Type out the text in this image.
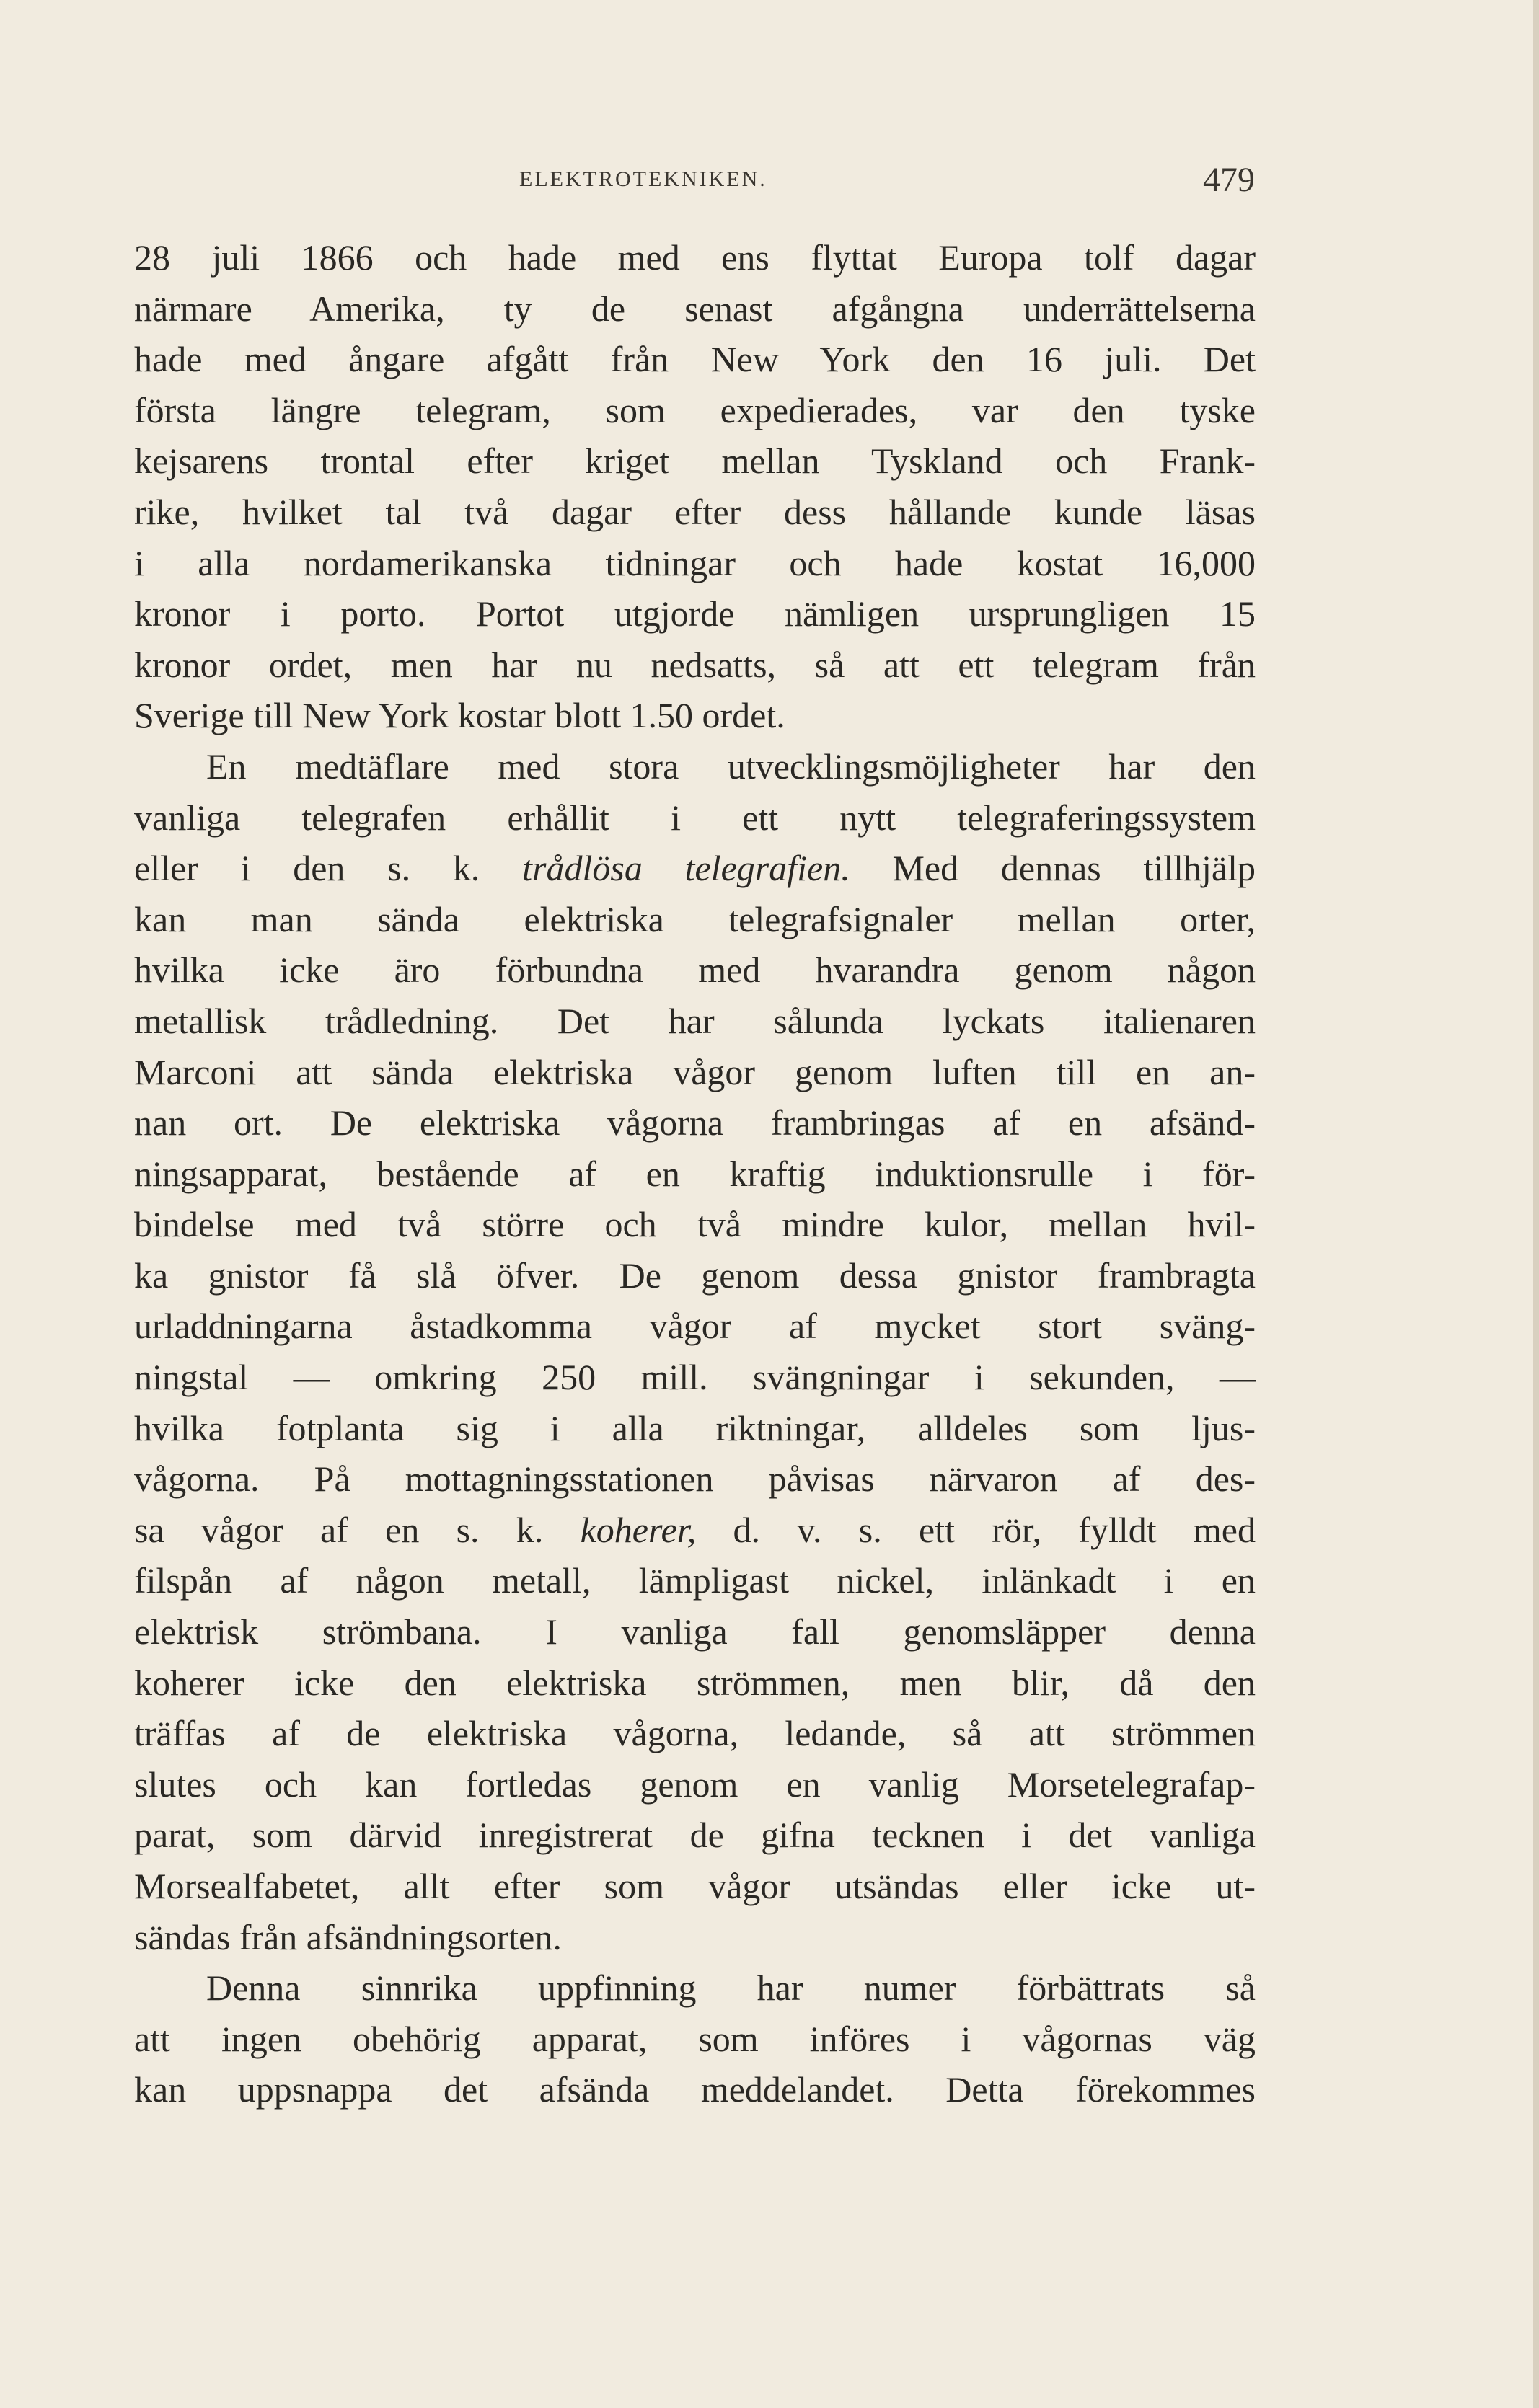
ELEKTROTEKNIKEN.	479
28 juli 1866 och hade med ens flyttat Europa tolf dagar
närmare Amerika, ty de senast afgångna underrättelserna
hade med ångare afgått från New York den 16 juli. Det
första längre telegram, som expedierades, var den tyske
kejsarens trontal efter kriget mellan Tyskland och Frank-
rike, hvilket tal två dagar efter dess hållande kunde läsas
i alla nordamerikanska tidningar och hade kostat 16,000
kronor i porto. Portot utgjorde nämligen ursprungligen 15
kronor ordet, men har nu nedsatts, så att ett telegram från
Sverige till New York kostar blott 1.50 ordet.
En medtäflare med stora utvecklingsmöjligheter har den
vanliga telegrafen erhållit i ett nytt telegraferingssystem
eller i den s. k. trådlösa telegrafien. Med dennas tillhjälp
kan man sända elektriska telegrafsignaler mellan orter,
hvilka icke äro förbundna med hvarandra genom någon
metallisk trådledning. Det har sålunda lyckats italienaren
Marconi att sända elektriska vågor genom luften till en an-
nan ort. De elektriska vågorna frambringas af en afsänd-
ningsapparat, bestående af en kraftig induktionsrulle i för-
bindelse med två större och två mindre kulor, mellan hvil-
ka gnistor få slå öfver. De genom dessa gnistor frambragta
urladdningarna åstadkomma vågor af mycket stort sväng-
ningstal — omkring 250 mill. svängningar i sekunden, —
hvilka fotplanta sig i alla riktningar, alldeles som ljus-
vågorna. På mottagningsstationen påvisas närvaron af des-
sa vågor af en s. k. koherer, d. v. s. ett rör, fylldt med
filspån af någon metall, lämpligast nickel, inlänkadt i en
elektrisk strömbana. I vanliga fall genomsläpper denna
koherer icke den elektriska strömmen, men blir, då den
träffas af de elektriska vågorna, ledande, så att strömmen
slutes och kan fortledas genom en vanlig Morsetelegrafap-
parat, som därvid inregistrerat de gifna tecknen i det vanliga
Morsealfabetet, allt efter som vågor utsändas eller icke ut-
sändas från afsändningsorten.
Denna sinnrika uppfinning har numer förbättrats så
att ingen obehörig apparat, som införes i vågornas väg
kan uppsnappa det afsända meddelandet. Detta förekommes
